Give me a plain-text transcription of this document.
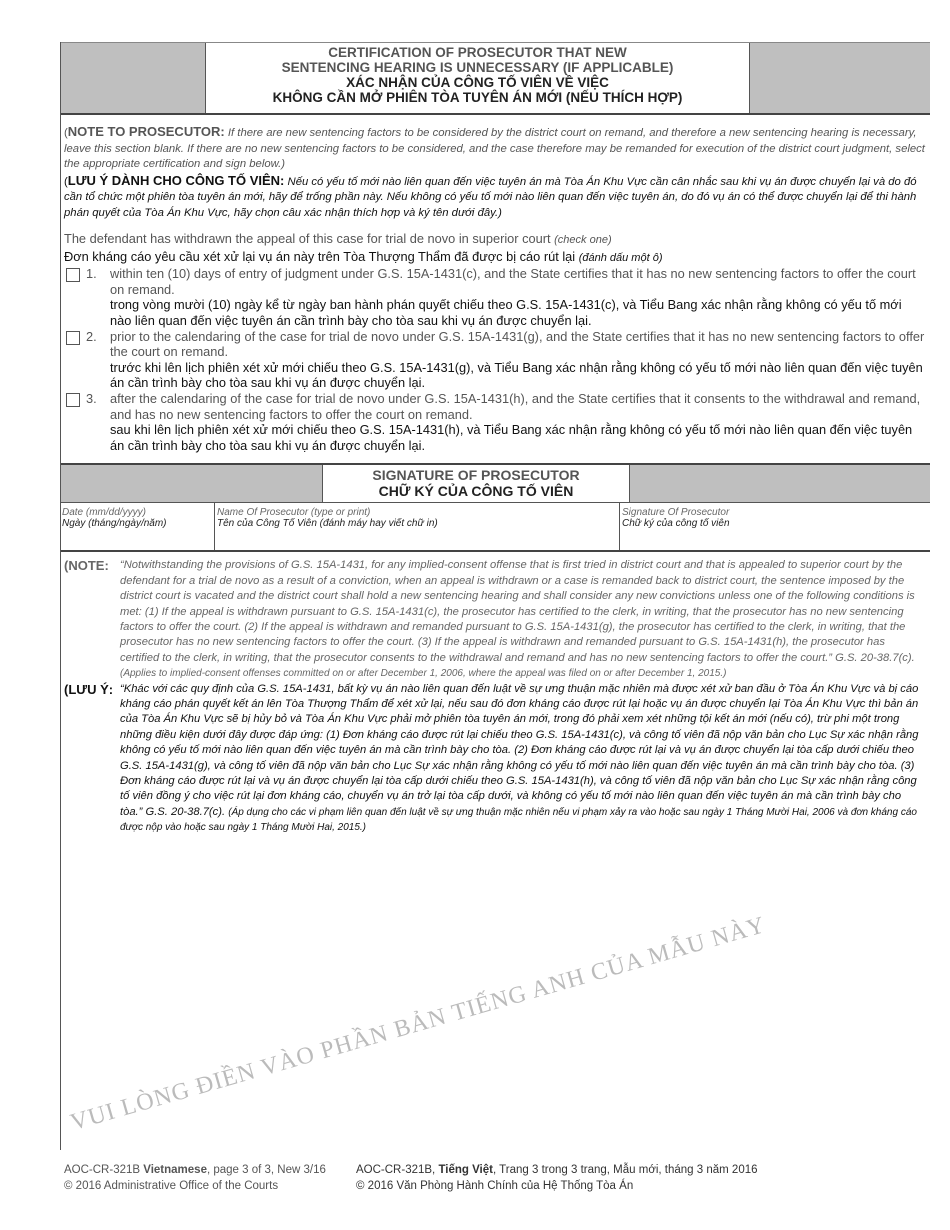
CERTIFICATION OF PROSECUTOR THAT NEW
SENTENCING HEARING IS UNNECESSARY (IF APPLICABLE)
XÁC NHẬN CỦA CÔNG TỐ VIÊN VỀ VIỆC
KHÔNG CẦN MỞ PHIÊN TÒA TUYÊN ÁN MỚI (NẾU THÍCH HỢP)
(NOTE TO PROSECUTOR: If there are new sentencing factors to be considered by the district court on remand, and therefore a new sentencing hearing is necessary, leave this section blank. If there are no new sentencing factors to be considered, and the case therefore may be remanded for execution of the district court judgment, select the appropriate certification and sign below.)
(LƯU Ý DÀNH CHO CÔNG TỐ VIÊN: Nếu có yếu tố mới nào liên quan đến việc tuyên án mà Tòa Án Khu Vực cần cân nhắc sau khi vụ án được chuyển lại và do đó cần tổ chức một phiên tòa tuyên án mới, hãy để trống phần này. Nếu không có yếu tố mới nào liên quan đến việc tuyên án, do đó vụ án có thể được chuyển lại để thi hành phán quyết của Tòa Án Khu Vực, hãy chọn câu xác nhận thích hợp và ký tên dưới đây.)
The defendant has withdrawn the appeal of this case for trial de novo in superior court (check one)
Đơn kháng cáo yêu cầu xét xử lại vụ án này trên Tòa Thượng Thẩm đã được bị cáo rút lại (đánh dấu một ô)
1. within ten (10) days of entry of judgment under G.S. 15A-1431(c), and the State certifies that it has no new sentencing factors to offer the court on remand.
trong vòng mười (10) ngày kể từ ngày ban hành phán quyết chiếu theo G.S. 15A-1431(c), và Tiểu Bang xác nhận rằng không có yếu tố mới nào liên quan đến việc tuyên án cần trình bày cho tòa sau khi vụ án được chuyển lại.
2. prior to the calendaring of the case for trial de novo under G.S. 15A-1431(g), and the State certifies that it has no new sentencing factors to offer the court on remand.
trước khi lên lịch phiên xét xử mới chiếu theo G.S. 15A-1431(g), và Tiểu Bang xác nhận rằng không có yếu tố mới nào liên quan đến việc tuyên án cần trình bày cho tòa sau khi vụ án được chuyển lại.
3. after the calendaring of the case for trial de novo under G.S. 15A-1431(h), and the State certifies that it consents to the withdrawal and remand, and has no new sentencing factors to offer the court on remand.
sau khi lên lịch phiên xét xử mới chiếu theo G.S. 15A-1431(h), và Tiểu Bang xác nhận rằng không có yếu tố mới nào liên quan đến việc tuyên án cần trình bày cho tòa sau khi vụ án được chuyển lại.
SIGNATURE OF PROSECUTOR
CHỮ KÝ CỦA CÔNG TỐ VIÊN
Date (mm/dd/yyyy)
Ngày (tháng/ngày/năm)
Name Of Prosecutor (type or print)
Tên của Công Tố Viên (đánh máy hay viết chữ in)
Signature Of Prosecutor
Chữ ký của công tố viên
(NOTE:	“Notwithstanding the provisions of G.S. 15A-1431, for any implied-consent offense that is first tried in district court and that is appealed to superior court by the defendant for a trial de novo as a result of a conviction, when an appeal is withdrawn or a case is remanded back to district court, the sentence imposed by the district court is vacated and the district court shall hold a new sentencing hearing and shall consider any new convictions unless one of the following conditions is met: (1) If the appeal is withdrawn pursuant to G.S. 15A-1431(c), the prosecutor has certified to the clerk, in writing, that the prosecutor has no new sentencing factors to offer the court. (2) If the appeal is withdrawn and remanded pursuant to G.S. 15A-1431(g), the prosecutor has certified to the clerk, in writing, that the prosecutor has no new sentencing factors to offer the court. (3) If the appeal is withdrawn and remanded pursuant to G.S. 15A-1431(h), the prosecutor has certified to the clerk, in writing, that the prosecutor consents to the withdrawal and remand and has no new sentencing factors to offer the court.” G.S. 20-38.7(c).
(Applies to implied-consent offenses committed on or after December 1, 2006, where the appeal was filed on or after December 1, 2015.)
(LƯU Ý: “Khác với các quy định của G.S. 15A-1431, bất kỳ vụ án nào liên quan đến luật về sự ưng thuận mặc nhiên mà được xét xử ban đầu ở Tòa Án Khu Vực và bị cáo kháng cáo phán quyết kết án lên Tòa Thượng Thẩm để xét xử lại, nếu sau đó đơn kháng cáo được rút lại hoặc vụ án được chuyển lại Tòa Án Khu Vực thì bản án của Tòa Án Khu Vực sẽ bị hủy bỏ và Tòa Án Khu Vực phải mở phiên tòa tuyên án mới, trong đó phải xem xét những tội kết án mới (nếu có), trừ phi một trong những điều kiện dưới đây được đáp ứng: (1) Đơn kháng cáo được rút lại chiếu theo G.S. 15A-1431(c), và công tố viên đã nộp văn bản cho Lục Sự xác nhận rằng không có yếu tố mới nào liên quan đến việc tuyên án mà cần trình bày cho tòa. (2) Đơn kháng cáo được rút lại và vụ án được chuyển lại tòa cấp dưới chiếu theo G.S. 15A-1431(g), và công tố viên đã nộp văn bản cho Lục Sự xác nhận rằng không có yếu tố mới nào liên quan đến việc tuyên án mà cần trình bày cho tòa. (3) Đơn kháng cáo được rút lại và vụ án được chuyển lại tòa cấp dưới chiếu theo G.S. 15A-1431(h), và công tố viên đã nộp văn bản cho Lục Sự xác nhận rằng công tố viên đồng ý cho việc rút lại đơn kháng cáo, chuyển vụ án trở lại tòa cấp dưới, và không có yếu tố mới nào liên quan đến việc tuyên án mà cần trình bày cho tòa.” G.S. 20-38.7(c). (Áp dụng cho các vi phạm liên quan đến luật về sự ưng thuận mặc nhiên nếu vi phạm xảy ra vào hoặc sau ngày 1 Tháng Mười Hai, 2006 và đơn kháng cáo được nộp vào hoặc sau ngày 1 Tháng Mười Hai, 2015.)
VUI LÒNG ĐIỀN VÀO PHẦN BẢN TIẾNG ANH CỦA MẪU NÀY
AOC-CR-321B Vietnamese, page 3 of 3, New 3/16
© 2016 Administrative Office of the Courts
AOC-CR-321B, Tiếng Việt, Trang 3 trong 3 trang, Mẫu mới, tháng 3 năm 2016
© 2016 Văn Phòng Hành Chính của Hệ Thống Tòa Án
